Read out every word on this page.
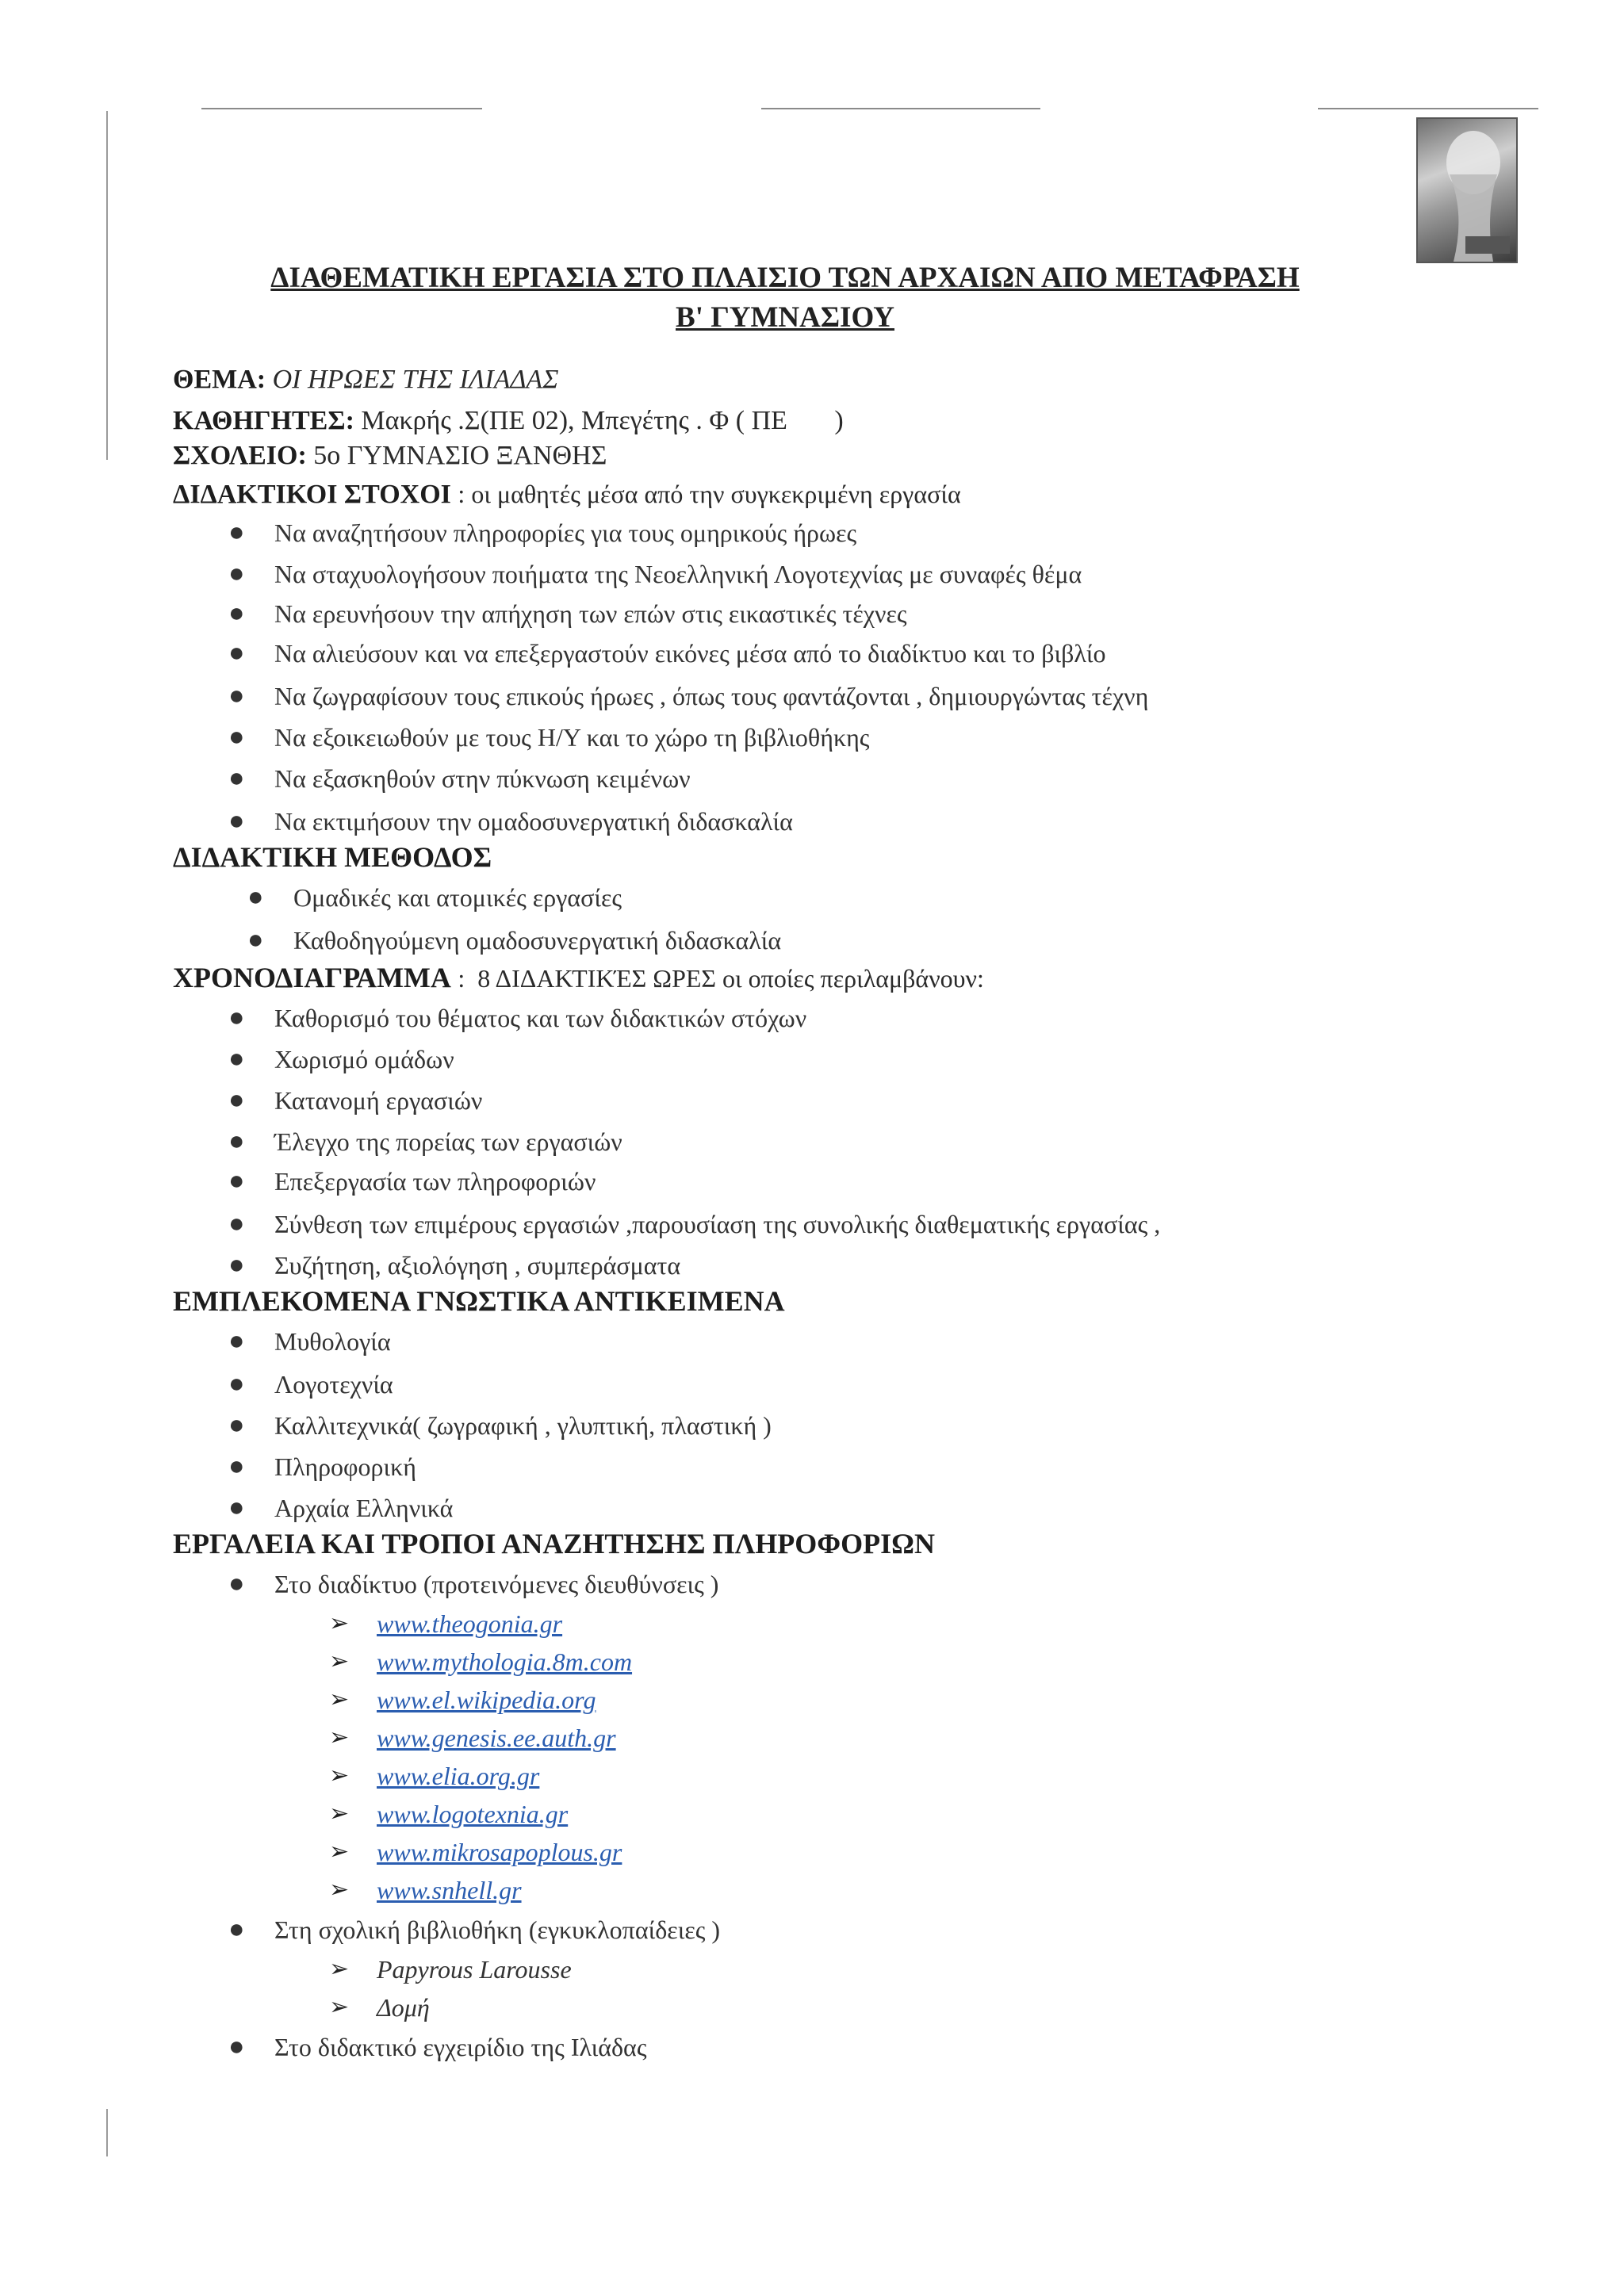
ΔΙΑΘΕΜΑΤΙΚΗ ΕΡΓΑΣΙΑ ΣΤΟ ΠΛΑΙΣΙΟ ΤΩΝ ΑΡΧΑΙΩΝ ΑΠΟ ΜΕΤΑΦΡΑΣΗ
Β' ΓΥΜΝΑΣΙΟΥ
ΘΕΜΑ: ΟΙ ΗΡΩΕΣ ΤΗΣ ΙΛΙΑΔΑΣ
ΚΑΘΗΓΗΤΕΣ: Μακρής .Σ(ΠΕ 02), Μπεγέτης . Φ ( ΠΕ       )
ΣΧΟΛΕΙΟ: 5ο ΓΥΜΝΑΣΙΟ ΞΑΝΘΗΣ
ΔΙΔΑΚΤΙΚΟΙ ΣΤΟΧΟΙ : οι μαθητές μέσα από την συγκεκριμένη εργασία
● Να αναζητήσουν πληροφορίες για τους ομηρικούς ήρωες
● Να σταχυολογήσουν ποιήματα της Νεοελληνική Λογοτεχνίας με συναφές θέμα
● Να ερευνήσουν την απήχηση των επών στις εικαστικές τέχνες
● Να αλιεύσουν και να επεξεργαστούν εικόνες μέσα από το διαδίκτυο και το βιβλίο
● Να ζωγραφίσουν τους επικούς ήρωες , όπως τους φαντάζονται , δημιουργώντας τέχνη
● Να εξοικειωθούν με τους Η/Υ και το χώρο τη βιβλιοθήκης
● Να εξασκηθούν στην πύκνωση κειμένων
● Να εκτιμήσουν την ομαδοσυνεργατική διδασκαλία
ΔΙΔΑΚΤΙΚΗ ΜΕΘΟΔΟΣ
● Ομαδικές και ατομικές εργασίες
● Καθοδηγούμενη ομαδοσυνεργατική διδασκαλία
ΧΡΟΝΟΔΙΑΓΡΑΜΜΑ :  8 ΔΙΔΑΚΤΙΚΈΣ ΩΡΕΣ οι οποίες περιλαμβάνουν:
● Καθορισμό του θέματος και των διδακτικών στόχων
● Χωρισμό ομάδων
● Κατανομή εργασιών
● Έλεγχο της πορείας των εργασιών
● Επεξεργασία των πληροφοριών
● Σύνθεση των επιμέρους εργασιών ,παρουσίαση της συνολικής διαθεματικής εργασίας ,
● Συζήτηση, αξιολόγηση , συμπεράσματα
ΕΜΠΛΕΚΟΜΕΝΑ ΓΝΩΣΤΙΚΑ ΑΝΤΙΚΕΙΜΕΝΑ
● Μυθολογία
● Λογοτεχνία
● Καλλιτεχνικά( ζωγραφική , γλυπτική, πλαστική )
● Πληροφορική
● Αρχαία Ελληνικά
ΕΡΓΑΛΕΙΑ ΚΑΙ ΤΡΟΠΟΙ ΑΝΑΖΗΤΗΣΗΣ ΠΛΗΡΟΦΟΡΙΩΝ
● Στο διαδίκτυο (προτεινόμενες διευθύνσεις )
➢ www.theogonia.gr
➢ www.mythologia.8m.com
➢ www.el.wikipedia.org
➢ www.genesis.ee.auth.gr
➢ www.elia.org.gr
➢ www.logotexnia.gr
➢ www.mikrosapoplous.gr
➢ www.snhell.gr
● Στη σχολική βιβλιοθήκη (εγκυκλοπαίδειες )
➢ Papyrous Larousse
➢ Δομή
● Στο διδακτικό εγχειρίδιο της Ιλιάδας
